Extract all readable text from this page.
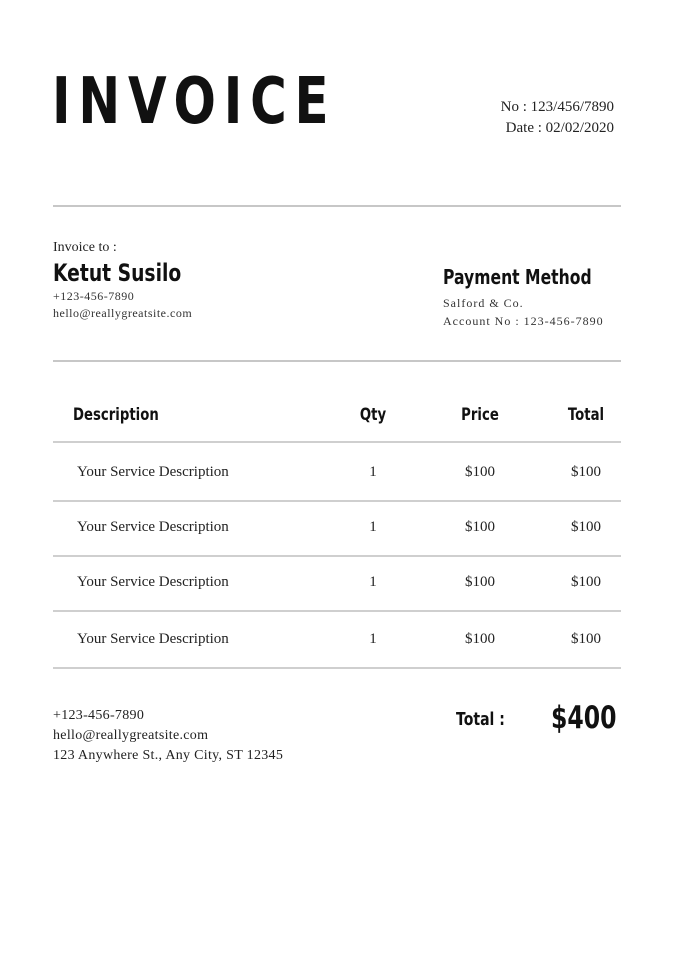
INVOICE	No : 123/456/7890
Date : 02/02/2020
Invoice to :
Ketut Susilo
+123-456-7890
hello@reallygreatsite.com
Payment Method
Salford & Co.
Account No : 123-456-7890
Description	Qty	Price	Total
Your Service Description	1	$100	$100
Your Service Description	1	$100	$100
Your Service Description	1	$100	$100
Your Service Description	1	$100	$100
+123-456-7890
hello@reallygreatsite.com
123 Anywhere St., Any City, ST 12345
Total : $400
